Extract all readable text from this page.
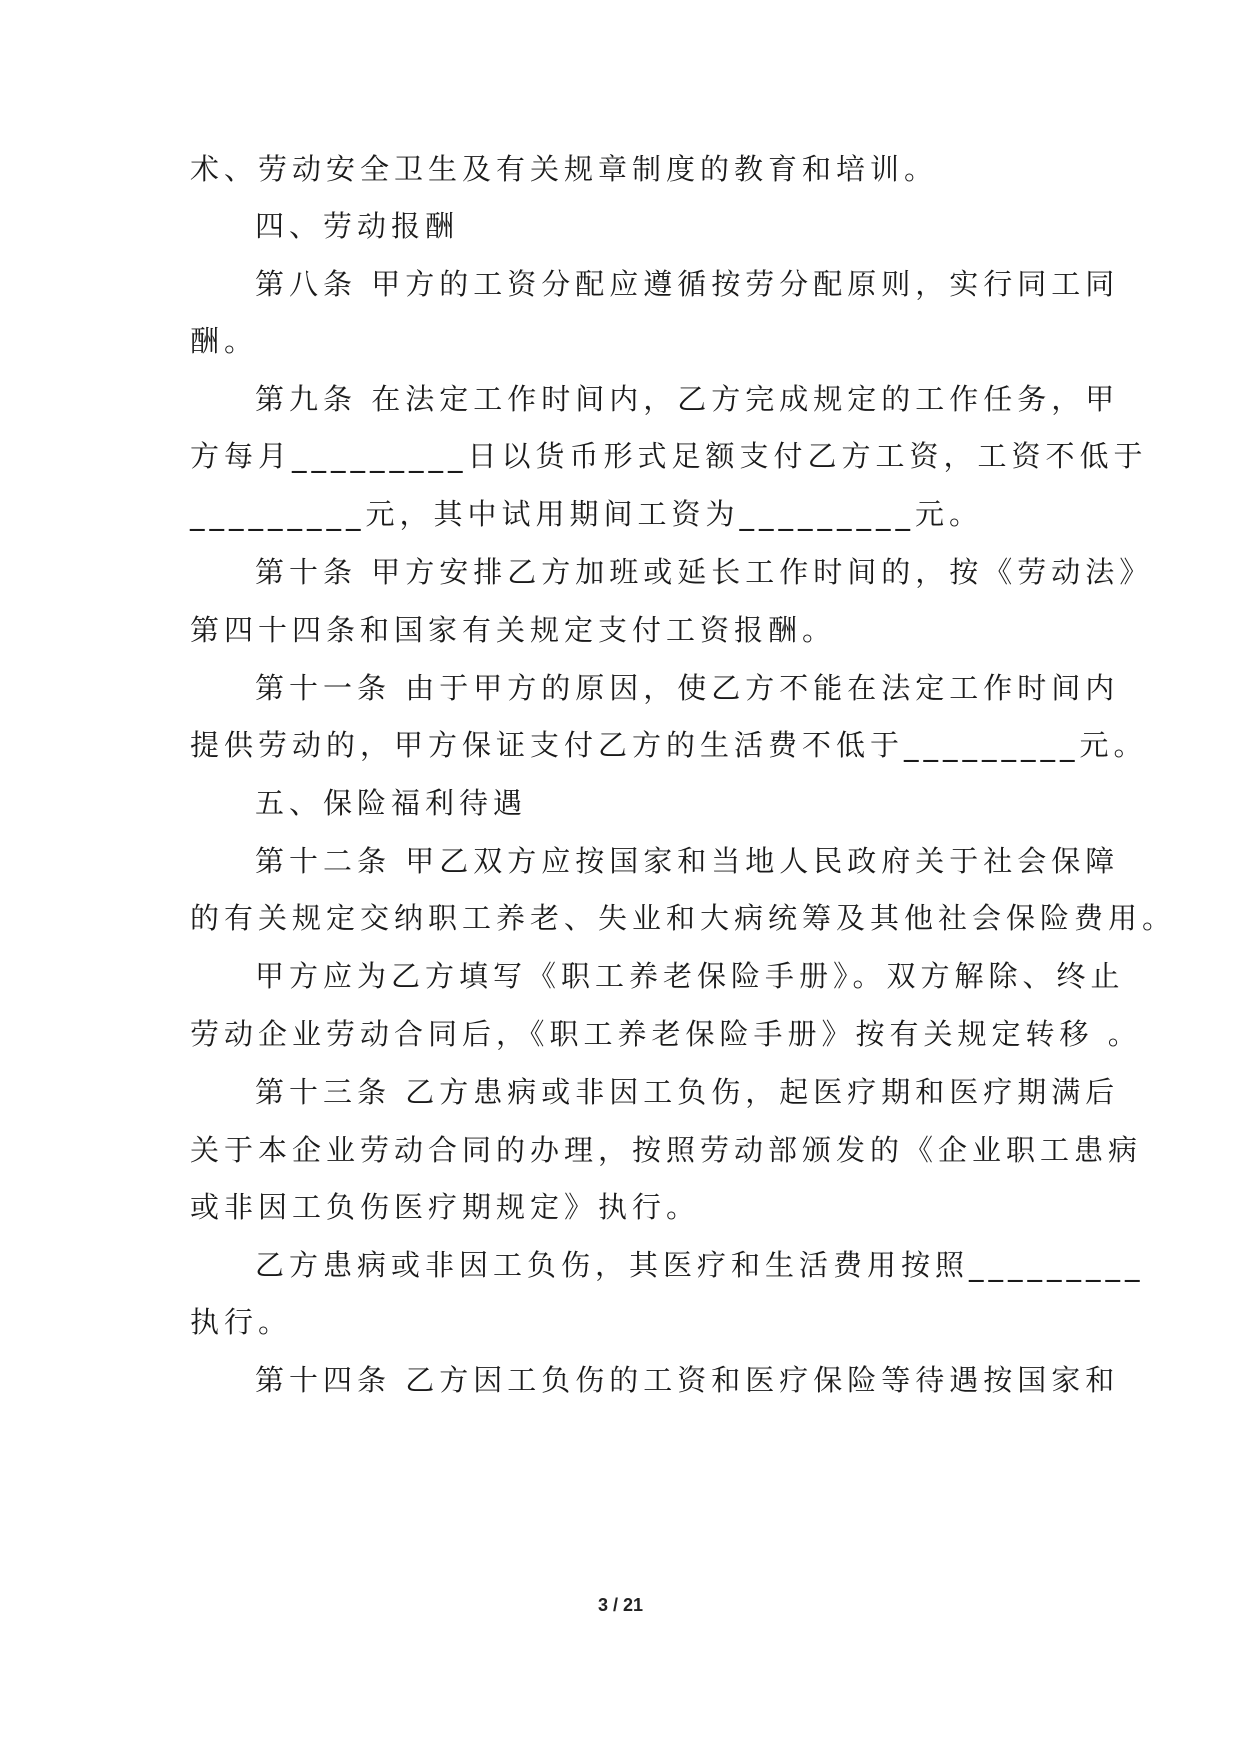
术、劳动安全卫生及有关规章制度的教育和培训。

四、劳动报酬

第八条 甲方的工资分配应遵循按劳分配原则，实行同工同

酬。

第九条 在法定工作时间内，乙方完成规定的工作任务，甲

方每月_________日以货币形式足额支付乙方工资，工资不低于

_________元，其中试用期间工资为_________元。

第十条 甲方安排乙方加班或延长工作时间的，按《劳动法》

第四十四条和国家有关规定支付工资报酬。

第十一条 由于甲方的原因，使乙方不能在法定工作时间内

提供劳动的，甲方保证支付乙方的生活费不低于_________元。

五、保险福利待遇

第十二条 甲乙双方应按国家和当地人民政府关于社会保障

的有关规定交纳职工养老、失业和大病统筹及其他社会保险费用。

甲方应为乙方填写《职工养老保险手册》。双方解除、终止

劳动企业劳动合同后，《职工养老保险手册》按有关规定转移 。

第十三条 乙方患病或非因工负伤，起医疗期和医疗期满后

关于本企业劳动合同的办理，按照劳动部颁发的《企业职工患病

或非因工负伤医疗期规定》执行。

乙方患病或非因工负伤，其医疗和生活费用按照_________

执行。

第十四条 乙方因工负伤的工资和医疗保险等待遇按国家和

3 / 21
